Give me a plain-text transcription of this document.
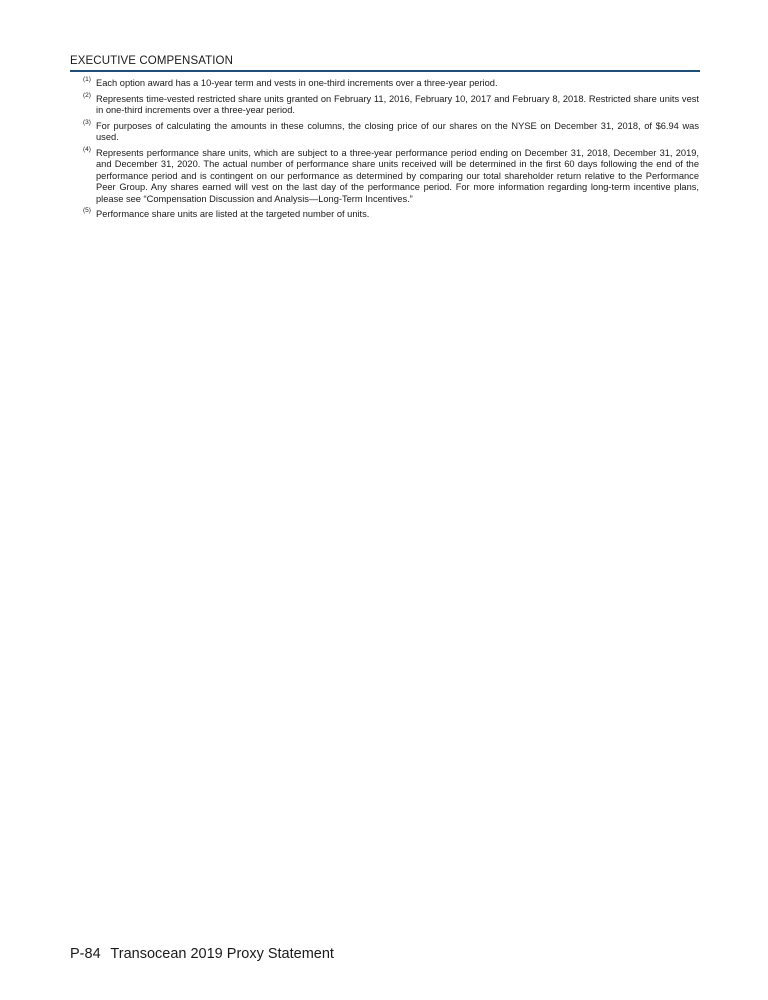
EXECUTIVE COMPENSATION
(1) Each option award has a 10-year term and vests in one-third increments over a three-year period.
(2) Represents time-vested restricted share units granted on February 11, 2016, February 10, 2017 and February 8, 2018. Restricted share units vest in one-third increments over a three-year period.
(3) For purposes of calculating the amounts in these columns, the closing price of our shares on the NYSE on December 31, 2018, of $6.94 was used.
(4) Represents performance share units, which are subject to a three-year performance period ending on December 31, 2018, December 31, 2019, and December 31, 2020. The actual number of performance share units received will be determined in the first 60 days following the end of the performance period and is contingent on our performance as determined by comparing our total shareholder return relative to the Performance Peer Group. Any shares earned will vest on the last day of the performance period. For more information regarding long-term incentive plans, please see “Compensation Discussion and Analysis—Long-Term Incentives.”
(5) Performance share units are listed at the targeted number of units.
P-84 Transocean 2019 Proxy Statement
